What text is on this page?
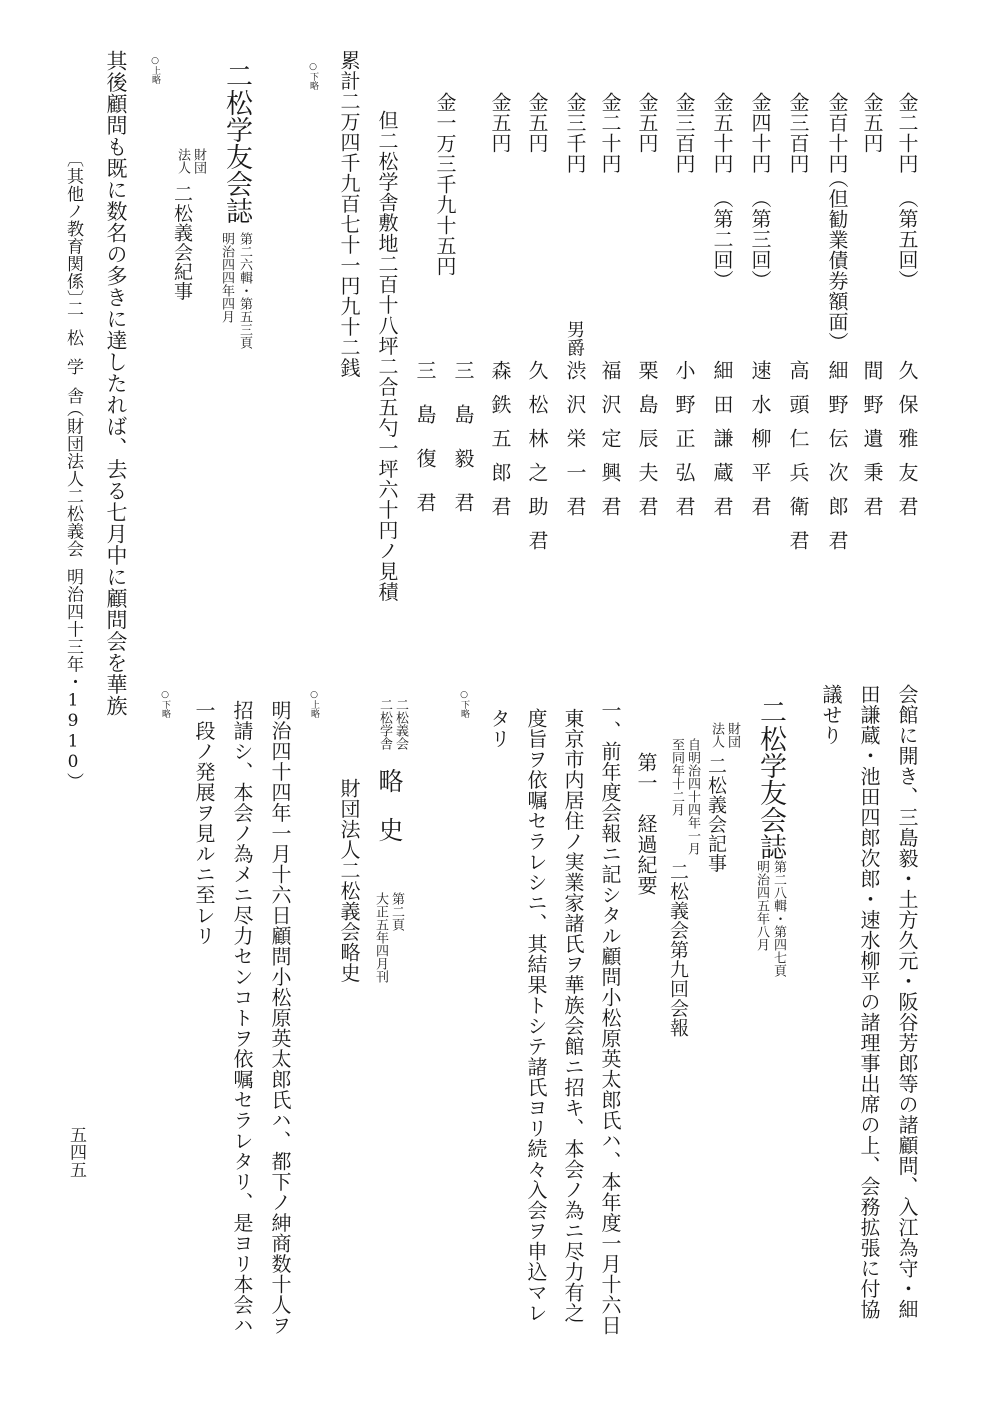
金二十円
（第五回）
久保雅友君
金五円
間野遺秉君
金百十円
（但勧業債券額面）
細野伝次郎君
金三百円
高頭仁兵衛君
金四十円
（第三回）
速水柳平君
金五十円
（第二回）
細田謙蔵君
金三百円
小野正弘君
金五円
栗島辰夫君
金二十円
福沢定興君
金三千円
男爵
渋沢栄一君
金五円
久松林之助君
金五円
森鉄五郎君
金一万三千九十五円
三島毅君
三島復君
但二松学舎敷地二百十八坪二合五勺一坪六十円ノ見積
累計二万四千九百七十一円九十二銭
○下略
二松学友会誌
第二六輯・第五三頁
明治四四年四月
財団
法人
二松義会紀事
○上略
其後顧問も既に数名の多きに達したれば、去る七月中に顧問会を華族
〔其他ノ教育関係〕
二松学舎
（財団法人二松義会
明治四十三年・1910）
会館に開き、三島毅・土方久元・阪谷芳郎等の諸顧問、入江為守・細
田謙蔵・池田四郎次郎・速水柳平の諸理事出席の上、会務拡張に付協
議せり
二松学友会誌
第二八輯・第四七頁
明治四五年八月
財団
法人
二松義会記事
自明治四十四年一月
至同年十二月
二松義会第九回会報
第一　経過紀要
一、前年度会報ニ記シタル顧問小松原英太郎氏ハ、本年度一月十六日
東京市内居住ノ実業家諸氏ヲ華族会館ニ招キ、本会ノ為ニ尽力有之
度旨ヲ依嘱セラレシニ、其結果トシテ諸氏ヨリ続々入会ヲ申込マレ
タリ
○下略
二松義会
二松学舎
略史
第二頁
大正五年四月刊
財団法人二松義会略史
○上略
明治四十四年一月十六日顧問小松原英太郎氏ハ、都下ノ紳商数十人ヲ
招請シ、本会ノ為メニ尽力センコトヲ依嘱セラレタリ、是ヨリ本会ハ
一段ノ発展ヲ見ルニ至レリ
○下略
五四五
